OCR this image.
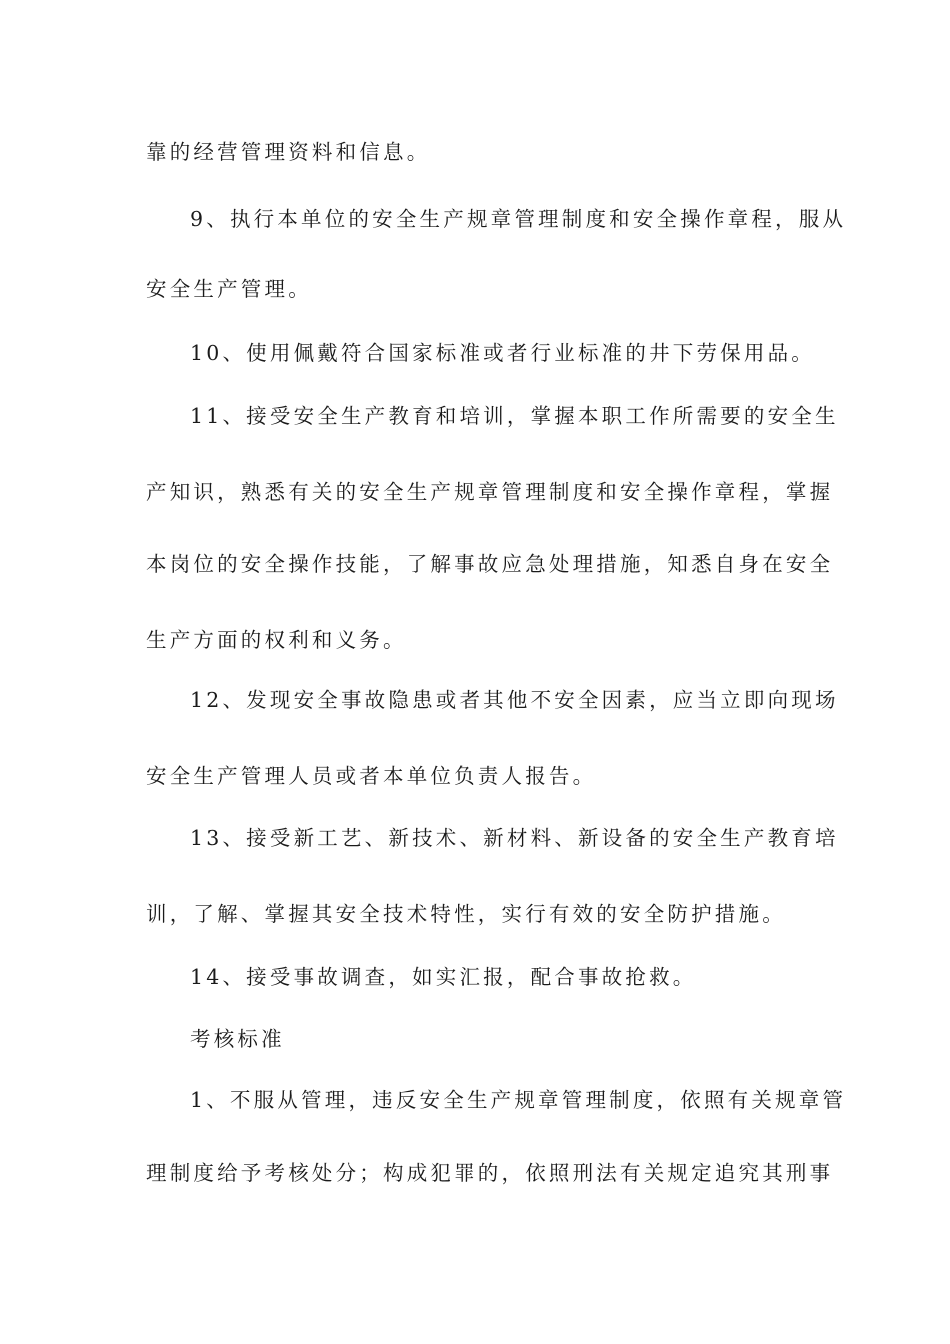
靠的经营管理资料和信息。
9、执行本单位的安全生产规章管理制度和安全操作章程，服从
安全生产管理。
10、使用佩戴符合国家标准或者行业标准的井下劳保用品。
11、接受安全生产教育和培训，掌握本职工作所需要的安全生
产知识，熟悉有关的安全生产规章管理制度和安全操作章程，掌握
本岗位的安全操作技能，了解事故应急处理措施，知悉自身在安全
生产方面的权利和义务。
12、发现安全事故隐患或者其他不安全因素，应当立即向现场
安全生产管理人员或者本单位负责人报告。
13、接受新工艺、新技术、新材料、新设备的安全生产教育培
训，了解、掌握其安全技术特性，实行有效的安全防护措施。
14、接受事故调查，如实汇报，配合事故抢救。
考核标准
1、不服从管理，违反安全生产规章管理制度，依照有关规章管
理制度给予考核处分；构成犯罪的，依照刑法有关规定追究其刑事
